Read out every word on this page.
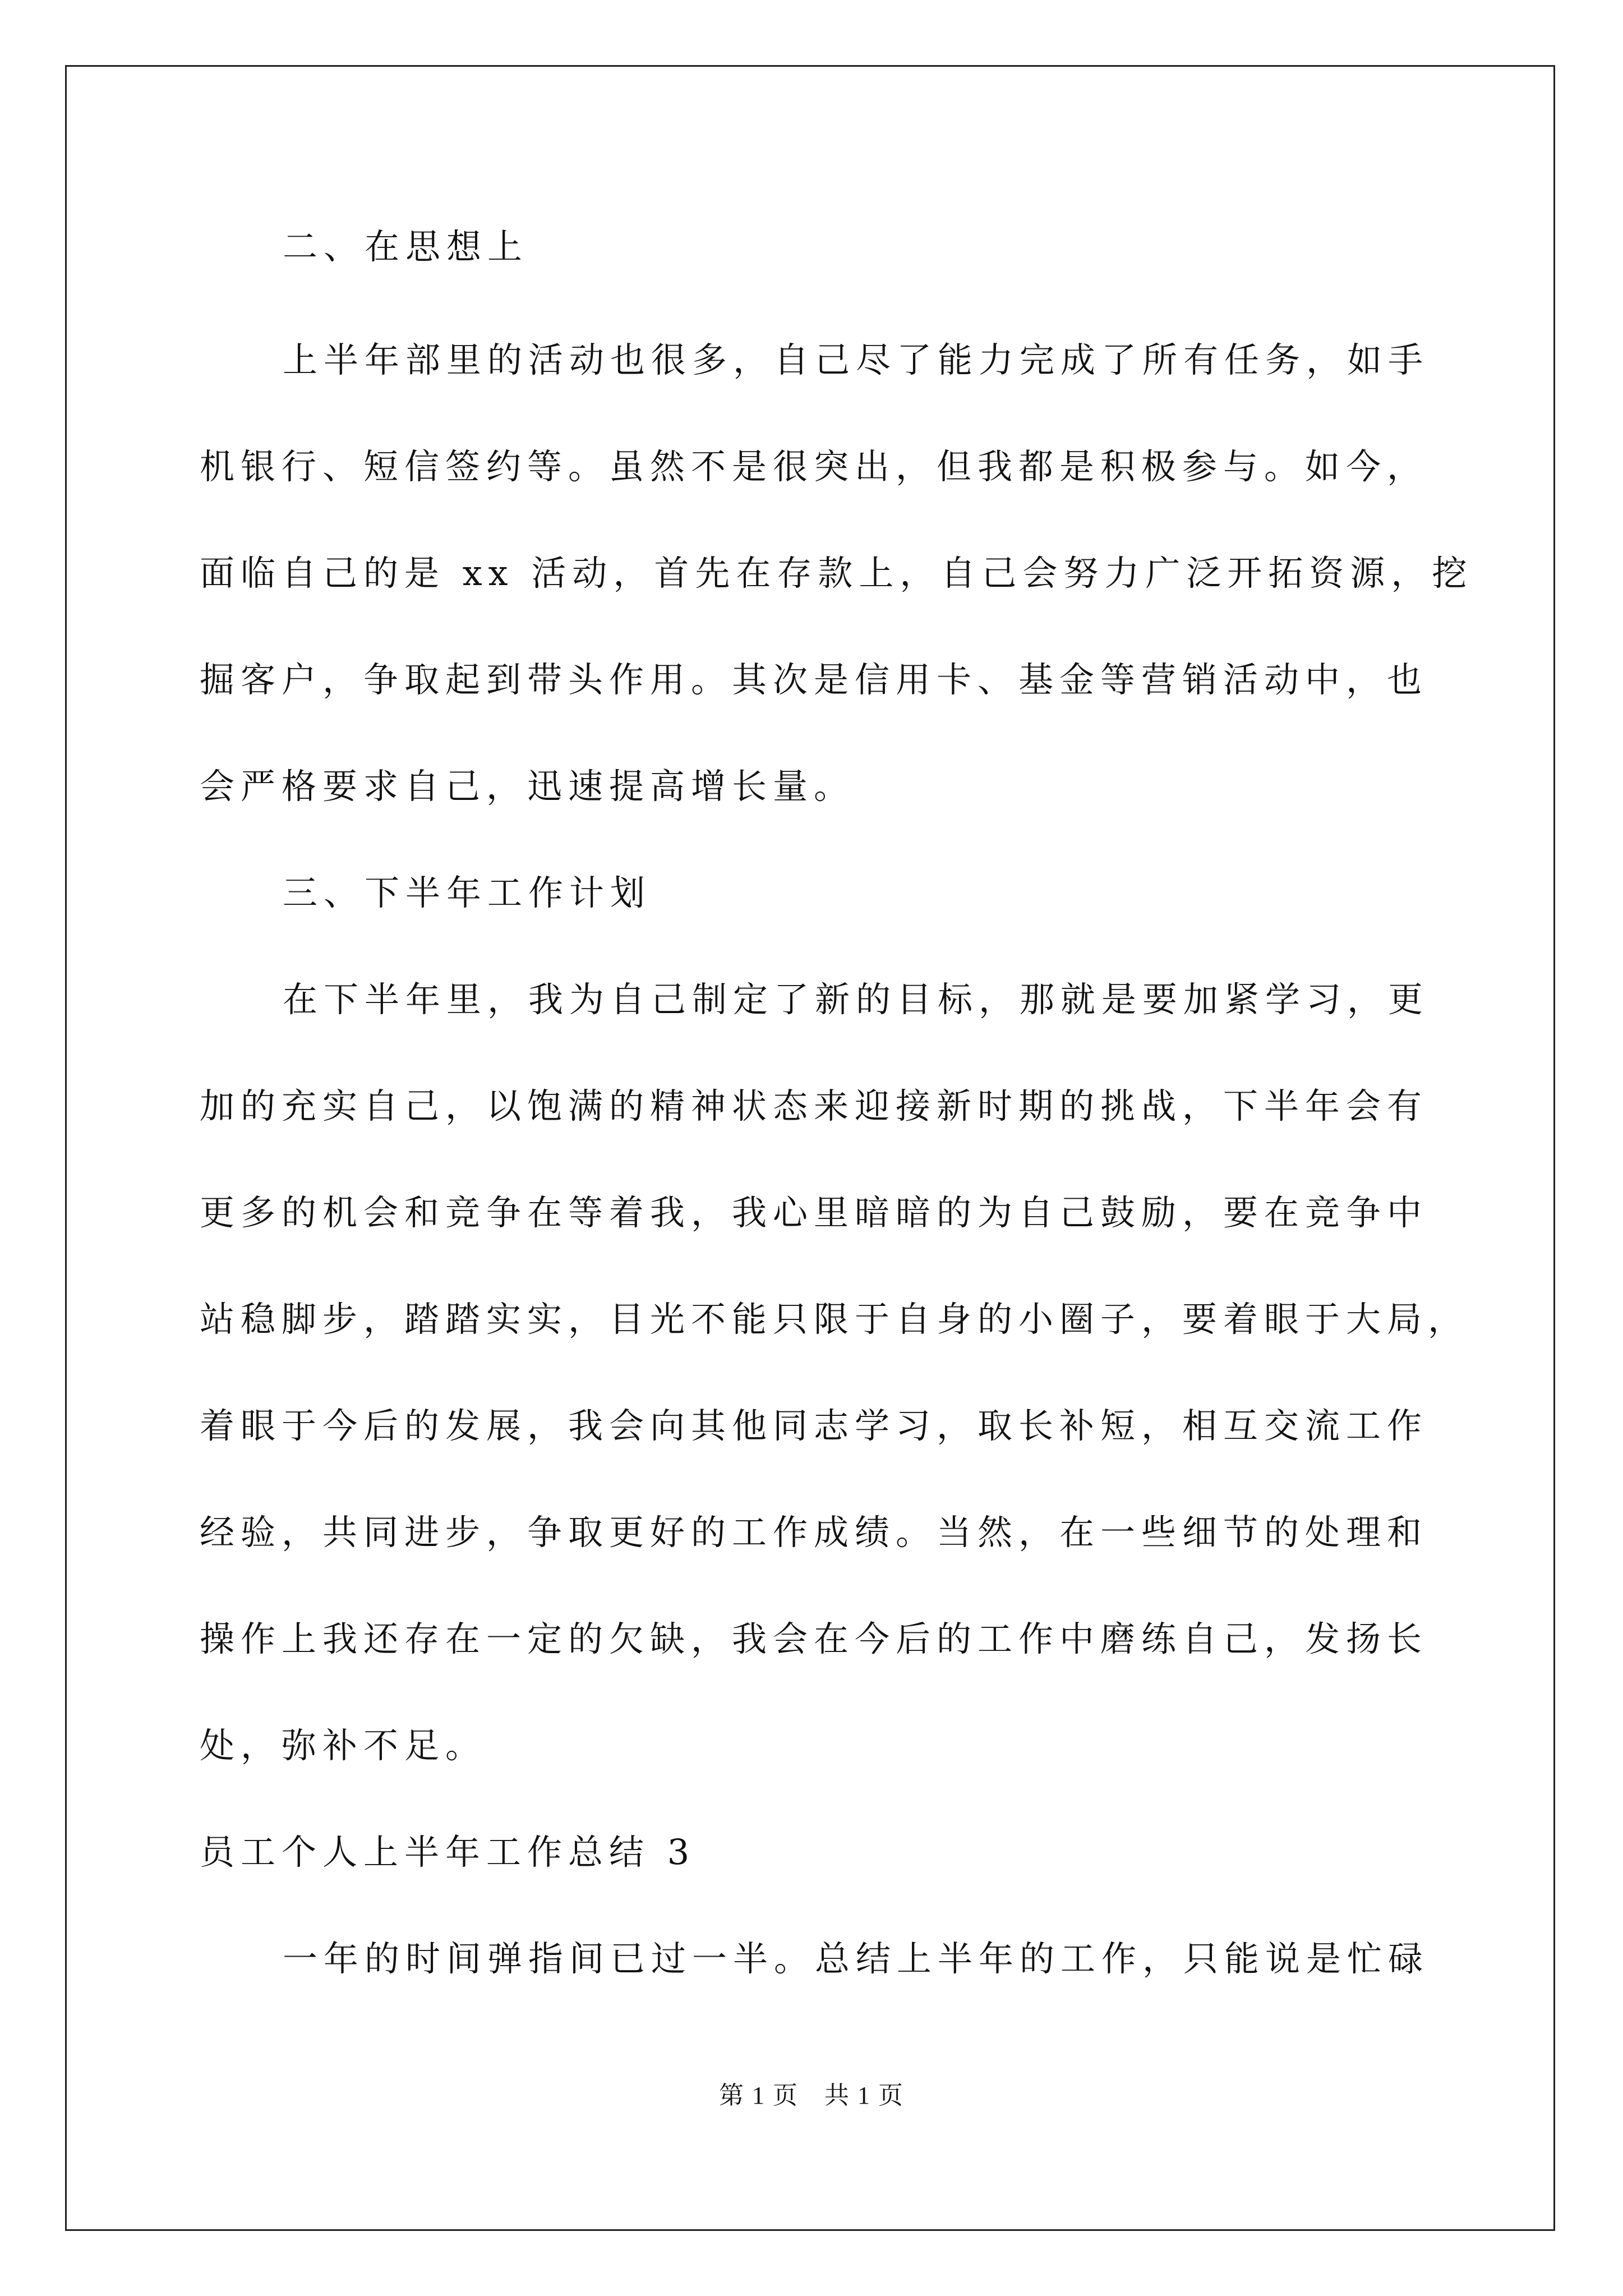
二、在思想上
上半年部里的活动也很多，自己尽了能力完成了所有任务，如手
机银行、短信签约等。虽然不是很突出，但我都是积极参与。如今，
面临自己的是 xx 活动，首先在存款上，自己会努力广泛开拓资源，挖
掘客户，争取起到带头作用。其次是信用卡、基金等营销活动中，也
会严格要求自己，迅速提高增长量。
三、下半年工作计划
在下半年里，我为自己制定了新的目标，那就是要加紧学习，更
加的充实自己，以饱满的精神状态来迎接新时期的挑战，下半年会有
更多的机会和竞争在等着我，我心里暗暗的为自己鼓励，要在竞争中
站稳脚步，踏踏实实，目光不能只限于自身的小圈子，要着眼于大局，
着眼于今后的发展，我会向其他同志学习，取长补短，相互交流工作
经验，共同进步，争取更好的工作成绩。当然，在一些细节的处理和
操作上我还存在一定的欠缺，我会在今后的工作中磨练自己，发扬长
处，弥补不足。
员工个人上半年工作总结 3
一年的时间弹指间已过一半。总结上半年的工作，只能说是忙碌
第 1 页　共 1 页
